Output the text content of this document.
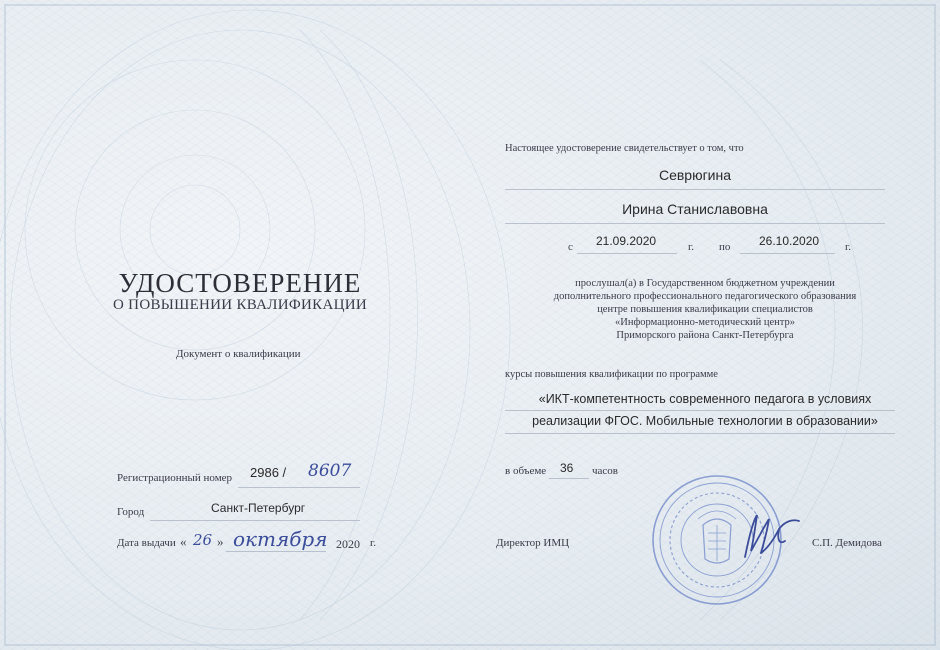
УДОСТОВЕРЕНИЕ
О ПОВЫШЕНИИ КВАЛИФИКАЦИИ
Документ о квалификации
Регистрационный номер 2986 / 8607
Город	Санкт-Петербург
Дата выдачи « 26 » октября 2020 г.
Настоящее удостоверение свидетельствует о том, что
Севрюгина
Ирина Станиславовна
с 21.09.2020	г. по 26.10.2020 г.
прослушал(а) в Государственном бюджетном учреждении
дополнительного профессионального педагогического образования
центре повышения квалификации специалистов
«Информационно-методический центр»
Приморского района Санкт-Петербурга
курсы повышения квалификации по программе
«ИКТ-компетентность современного педагога в условиях
реализации ФГОС. Мобильные технологии в образовании»
в объеме 36 часов
Директор ИМЦ	С.П. Демидова
